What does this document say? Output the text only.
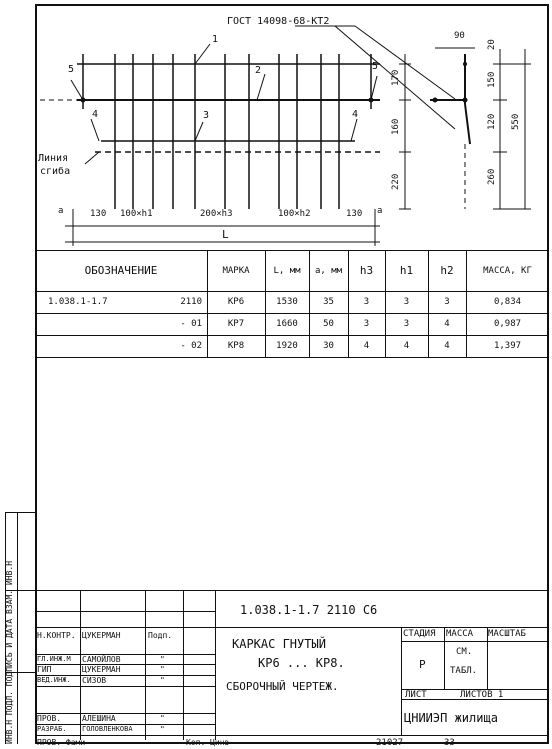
ГОСТ 14098-68-КТ2
1
2
3
4	4
5	5
Линия
сгиба
a	130 100×h1	200×h3	100×h2	130 a
L
170
160
220
90
20
150
120
260
550
ОБОЗНАЧЕНИЕ	МАРКА	L, мм	a, мм	h3	h1	h2	МАССА, КГ
1.038.1-1.7	2110	КР6	1530	35	3	3	3	0,834
- 01	КР7	1660	50	3	3	4	0,987
- 02	КР8	1920	30	4	4	4	1,397
ИНВ.Н ПОДЛ. ПОДПИСЬ И ДАТА ВЗАМ. ИНВ.Н	1.038.1-1.7 2110 С6
КАРКАС ГНУТЫЙ
КР6 ... КР8.
СБОРОЧНЫЙ ЧЕРТЕЖ.
СТАДИЯ МАССА МАСШТАБ
Р
СМ.
ТАБЛ.
ЛИСТ	ЛИСТОВ 1
ЦНИИЭП жилища
Н.КОНТР. ЦУКЕРМАН	Подп.
ГЛ.ИНЖ.М САМОЙЛОВ	"
ГИП	ЦУКЕРМАН	"
ВЕД.ИНЖ. СИЗОВ	"
ПРОВ.	АЛЕШИНА	"
РАЗРАБ. ГОЛОВЛЕНКОВА	"
ПРОВ. Фами	Коп. Цинв	21027	33
